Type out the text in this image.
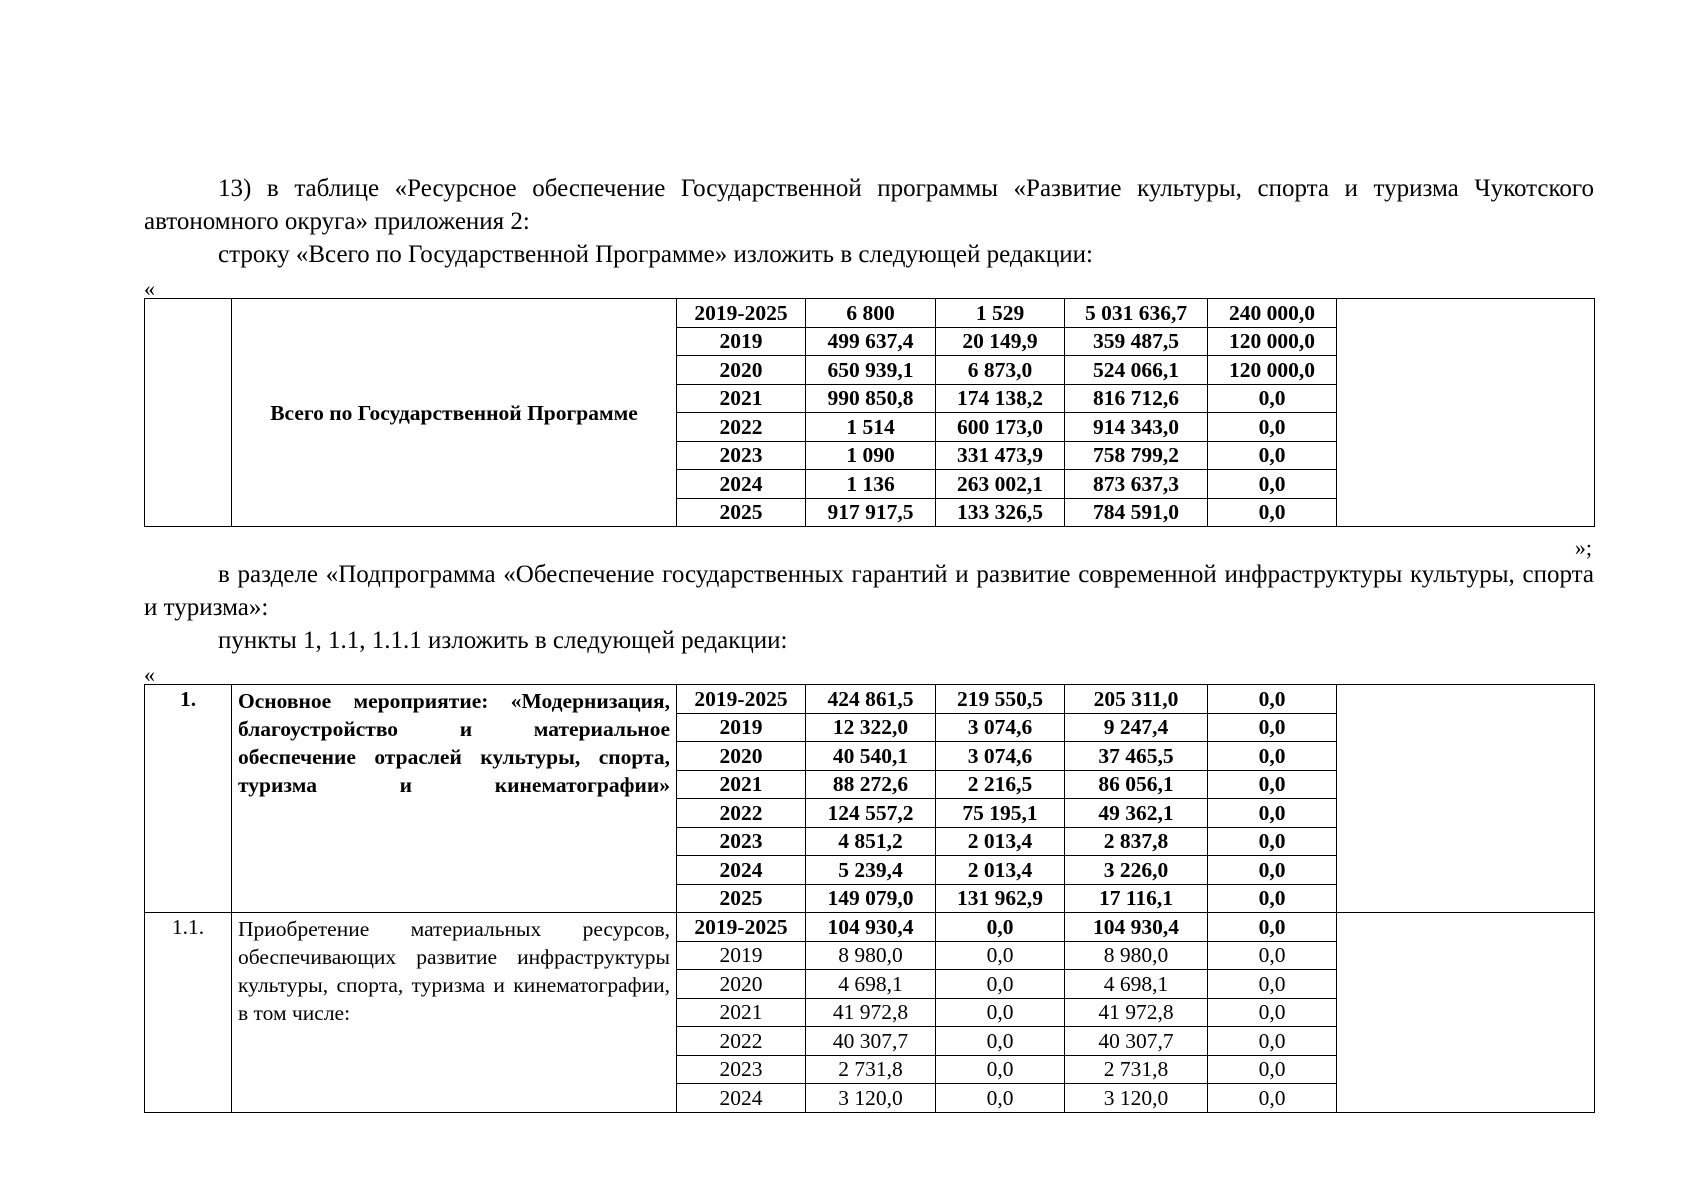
13) в таблице «Ресурсное обеспечение Государственной программы «Развитие культуры, спорта и туризма Чукотского автономного округа» приложения 2:
строку «Всего по Государственной Программе» изложить в следующей редакции:
«
	Всего по Государственной Программе	2019-2025	6 800	1 529	5 031 636,7	240 000,0	
		2019	499 637,4	20 149,9	359 487,5	120 000,0	
		2020	650 939,1	6 873,0	524 066,1	120 000,0	
		2021	990 850,8	174 138,2	816 712,6	0,0	
		2022	1 514	600 173,0	914 343,0	0,0	
		2023	1 090	331 473,9	758 799,2	0,0	
		2024	1 136	263 002,1	873 637,3	0,0	
		2025	917 917,5	133 326,5	784 591,0	0,0	
»;
в разделе «Подпрограмма «Обеспечение государственных гарантий и развитие современной инфраструктуры культуры, спорта и туризма»:
пункты 1, 1.1, 1.1.1 изложить в следующей редакции:
«
1.	Основное мероприятие: «Модернизация, благоустройство и материальное обеспечение отраслей культуры, спорта, туризма и кинематографии»	2019-2025	424 861,5	219 550,5	205 311,0	0,0	
		2019	12 322,0	3 074,6	9 247,4	0,0	
		2020	40 540,1	3 074,6	37 465,5	0,0	
		2021	88 272,6	2 216,5	86 056,1	0,0	
		2022	124 557,2	75 195,1	49 362,1	0,0	
		2023	4 851,2	2 013,4	2 837,8	0,0	
		2024	5 239,4	2 013,4	3 226,0	0,0	
		2025	149 079,0	131 962,9	17 116,1	0,0	
1.1.	Приобретение материальных ресурсов, обеспечивающих развитие инфраструктуры культуры, спорта, туризма и кинематографии, в том числе:	2019-2025	104 930,4	0,0	104 930,4	0,0	
		2019	8 980,0	0,0	8 980,0	0,0	
		2020	4 698,1	0,0	4 698,1	0,0	
		2021	41 972,8	0,0	41 972,8	0,0	
		2022	40 307,7	0,0	40 307,7	0,0	
		2023	2 731,8	0,0	2 731,8	0,0	
		2024	3 120,0	0,0	3 120,0	0,0	
